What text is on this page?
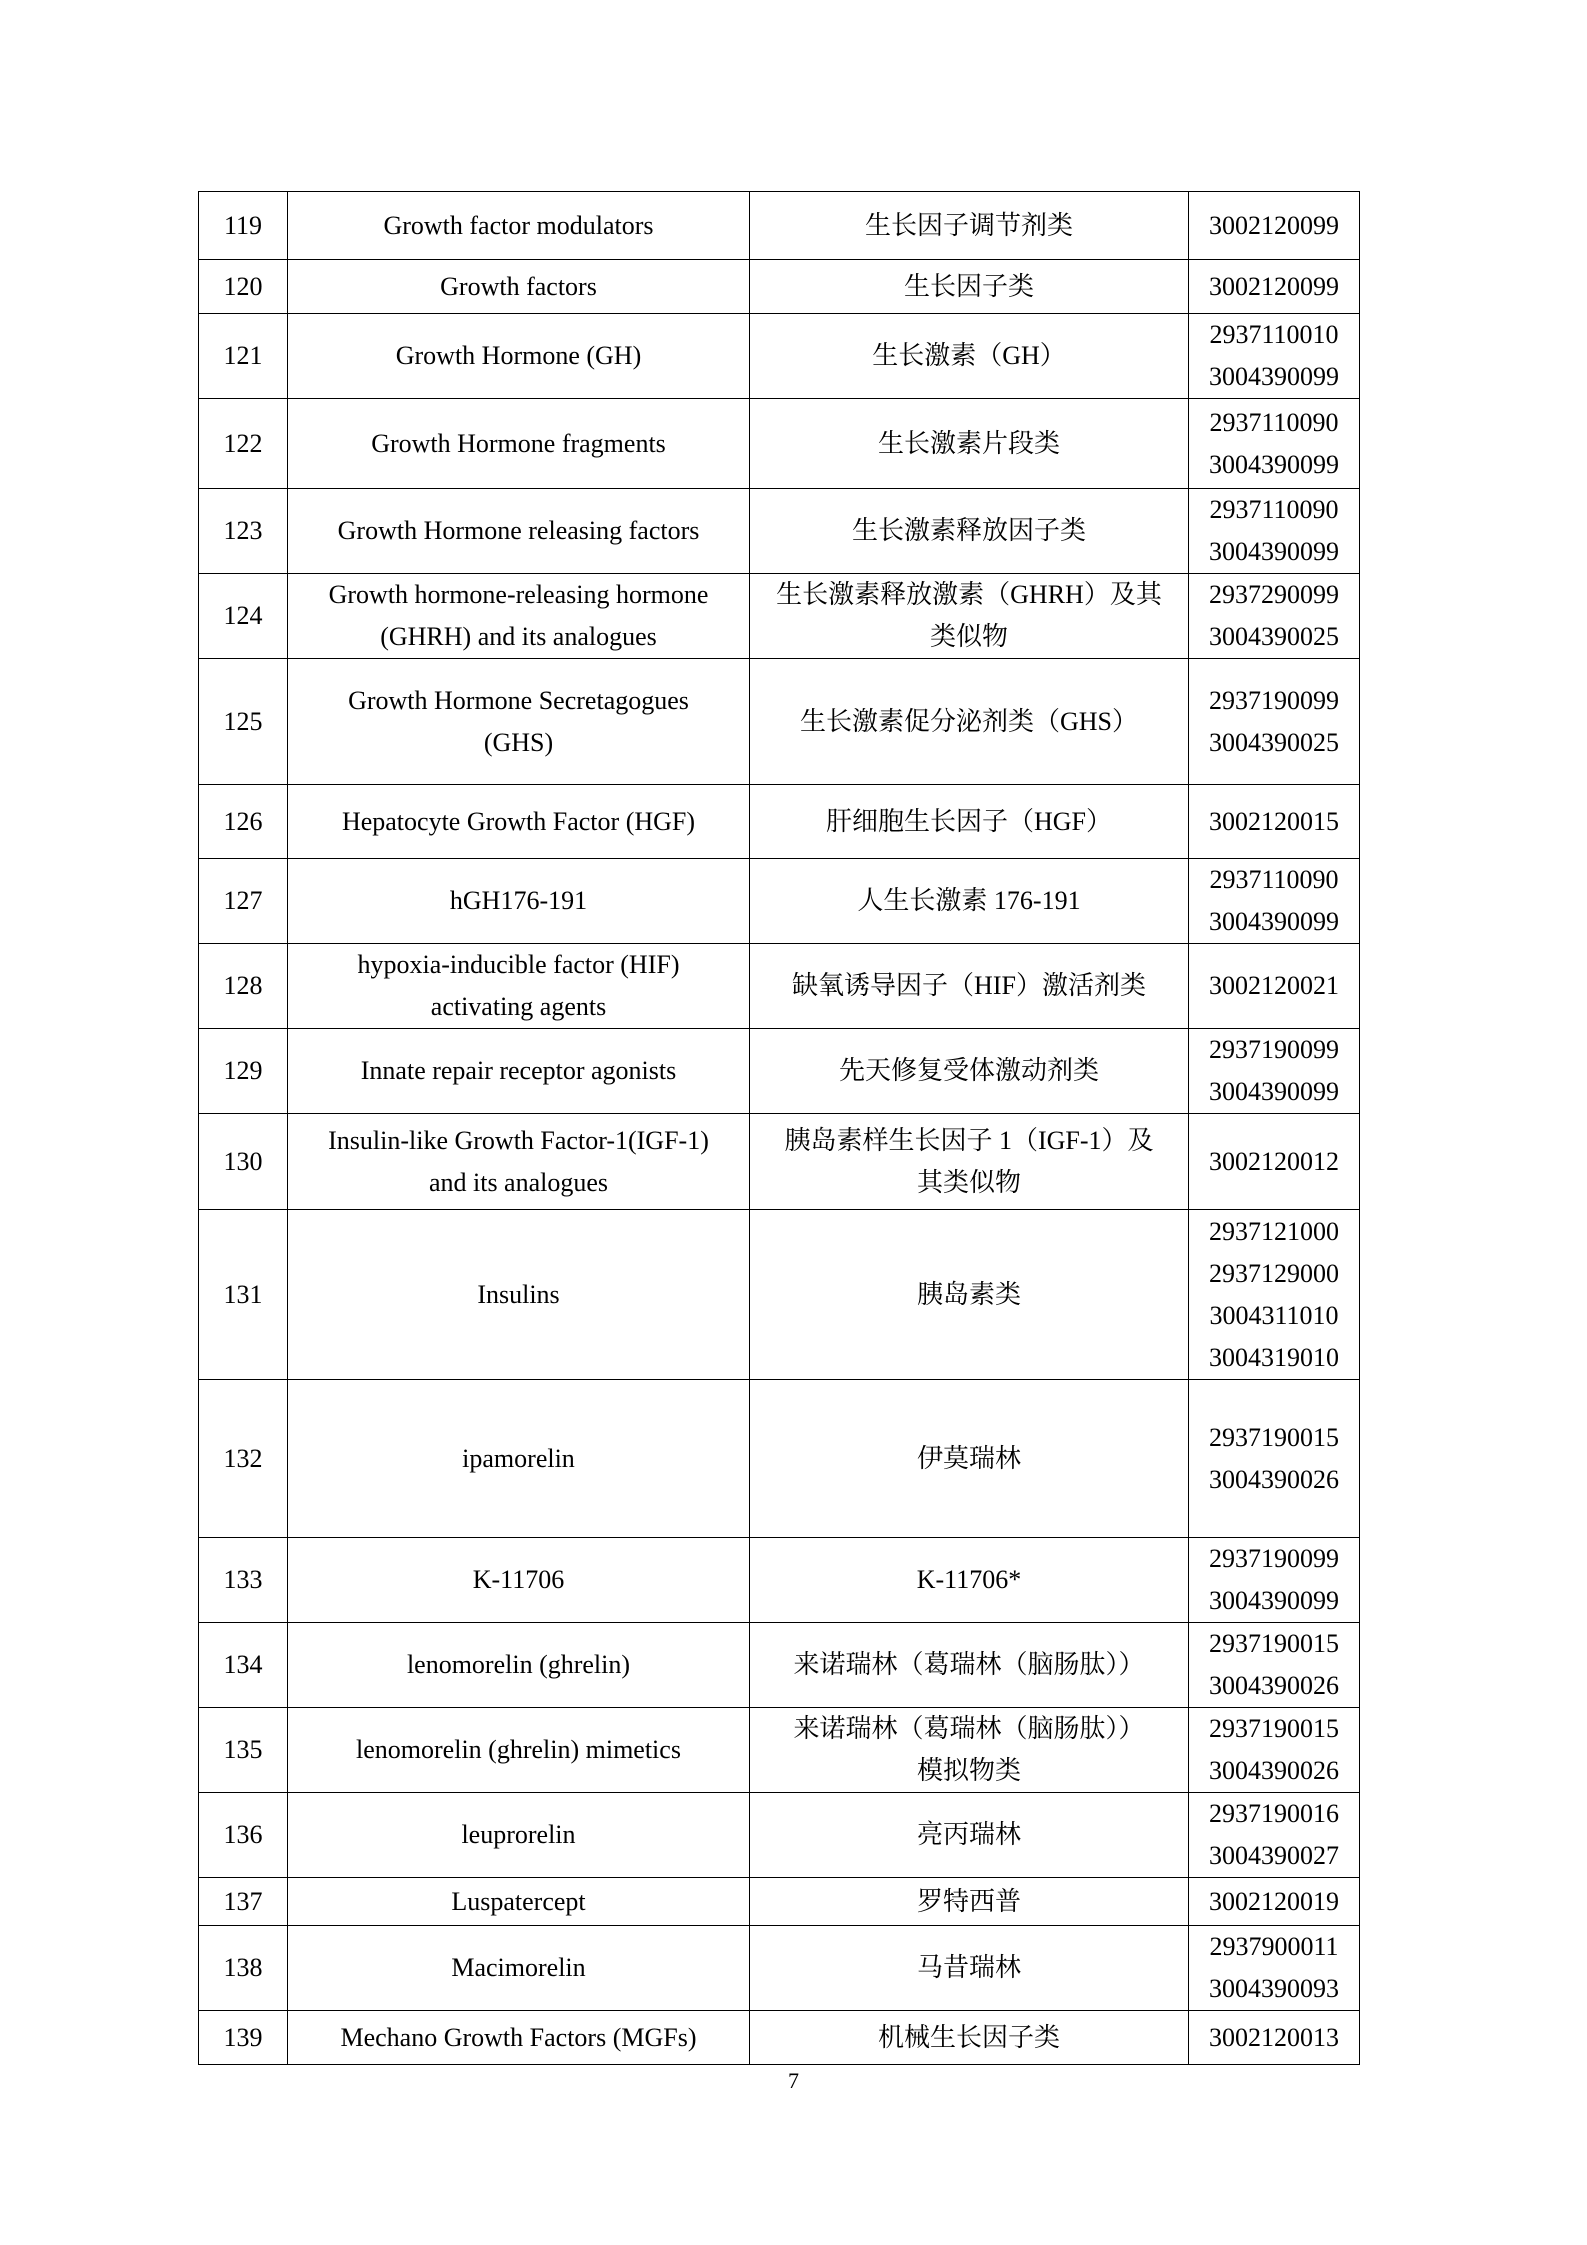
119	Growth factor modulators	生长因子调节剂类	3002120099
120	Growth factors	生长因子类	3002120099
121	Growth Hormone (GH)	生长激素（GH）	2937110010
3004390099
122	Growth Hormone fragments	生长激素片段类	2937110090
3004390099
123	Growth Hormone releasing factors	生长激素释放因子类	2937110090
3004390099
124	Growth hormone-releasing hormone
(GHRH) and its analogues	生长激素释放激素（GHRH）及其
类似物	2937290099
3004390025
125	Growth Hormone Secretagogues
(GHS)	生长激素促分泌剂类（GHS）	2937190099
3004390025
126	Hepatocyte Growth Factor (HGF)	肝细胞生长因子（HGF）	3002120015
127	hGH176-191	人生长激素 176-191	2937110090
3004390099
128	hypoxia-inducible factor (HIF)
activating agents	缺氧诱导因子（HIF）激活剂类	3002120021
129	Innate repair receptor agonists	先天修复受体激动剂类	2937190099
3004390099
130	Insulin-like Growth Factor-1(IGF-1)
and its analogues	胰岛素样生长因子 1（IGF-1）及
其类似物	3002120012
131	Insulins	胰岛素类	2937121000
2937129000
3004311010
3004319010
132	ipamorelin	伊莫瑞林	2937190015
3004390026
133	K-11706	K-11706*	2937190099
3004390099
134	lenomorelin (ghrelin)	来诺瑞林（葛瑞林（脑肠肽））	2937190015
3004390026
135	lenomorelin (ghrelin) mimetics	来诺瑞林（葛瑞林（脑肠肽））
模拟物类	2937190015
3004390026
136	leuprorelin	亮丙瑞林	2937190016
3004390027
137	Luspatercept	罗特西普	3002120019
138	Macimorelin	马昔瑞林	2937900011
3004390093
139	Mechano Growth Factors (MGFs)	机械生长因子类	3002120013
7
